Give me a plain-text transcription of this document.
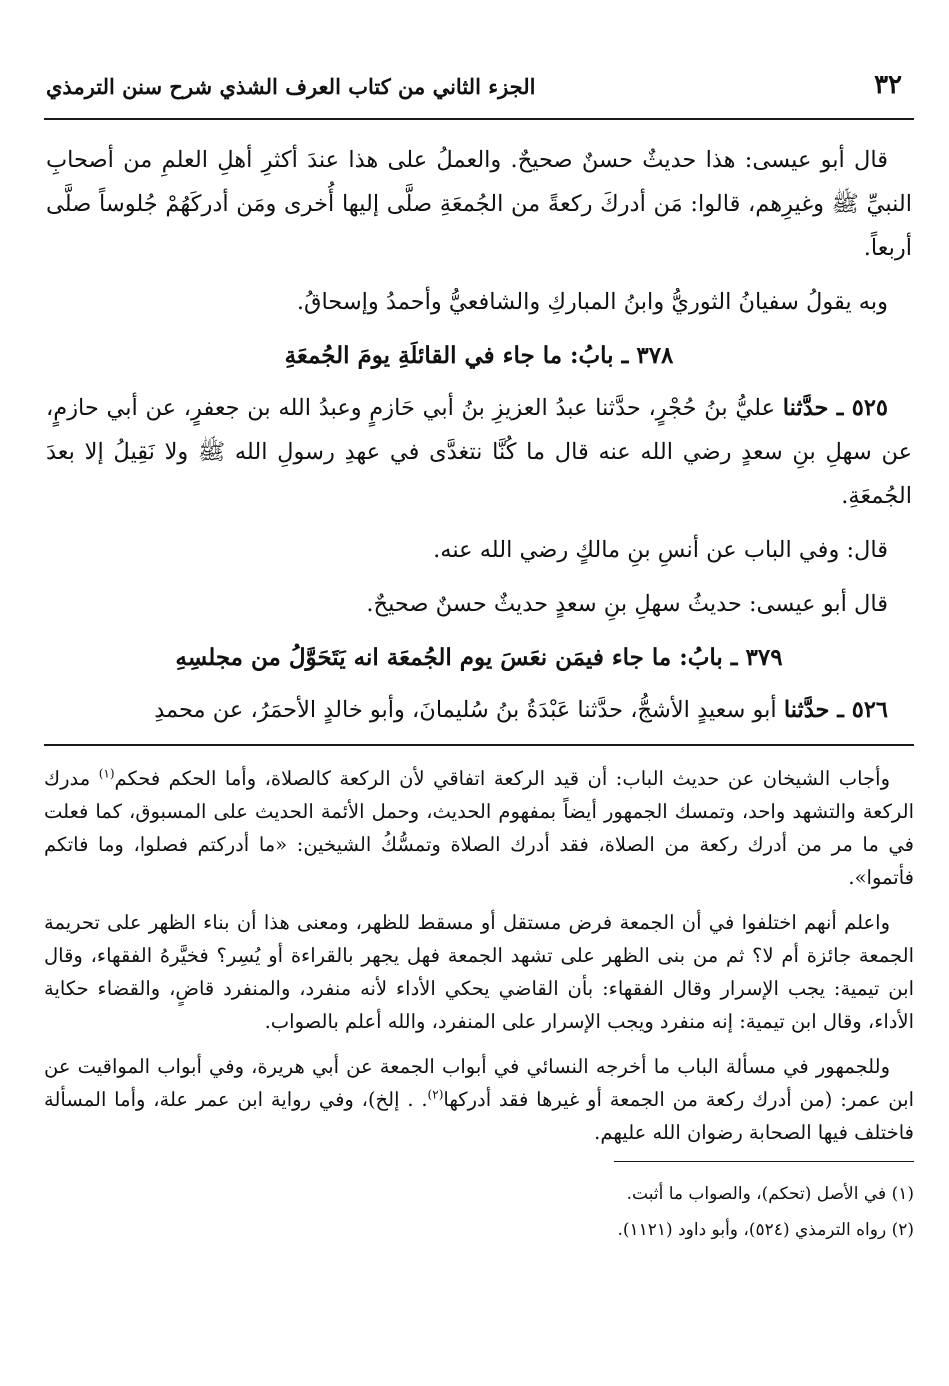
٣٢
الجزء الثاني من كتاب العرف الشذي شرح سنن الترمذي

قال أبو عيسى: هذا حديثٌ حسنٌ صحيحٌ. والعملُ على هذا عندَ أكثرِ أهلِ العلمِ من أصحابِ النبيِّ ﷺ وغيرِهم، قالوا: مَن أدركَ ركعةً من الجُمعَةِ صلَّى إليها أُخرى ومَن أدركَهُمْ جُلوساً صلَّى أربعاً.

وبه يقولُ سفيانُ الثوريُّ وابنُ المباركِ والشافعيُّ وأحمدُ وإسحاقُ.

٣٧٨ ـ بابُ: ما جاء في القائلَةِ يومَ الجُمعَةِ

٥٢٥ ـ حدَّثنا عليُّ بنُ حُجْرٍ، حدَّثنا عبدُ العزيزِ بنُ أبي حَازمٍ وعبدُ الله بن جعفرٍ، عن أبي حازمٍ، عن سهلِ بنِ سعدٍ رضي الله عنه قال ما كُنَّا نتغدَّى في عهدِ رسولِ الله ﷺ ولا نَقِيلُ إلا بعدَ الجُمعَةِ.

قال: وفي الباب عن أنسِ بنِ مالكٍ رضي الله عنه.

قال أبو عيسى: حديثُ سهلِ بنِ سعدٍ حديثٌ حسنٌ صحيحٌ.

٣٧٩ ـ بابُ: ما جاء فيمَن نعَسَ يوم الجُمعَة انه يَتَحَوَّلُ من مجلسِهِ

٥٢٦ ـ حدَّثنا أبو سعيدٍ الأشجُّ، حدَّثنا عَبْدَةُ بنُ سُليمانَ، وأبو خالدٍ الأحمَرُ، عن محمدِ

وأجاب الشيخان عن حديث الباب: أن قيد الركعة اتفاقي لأن الركعة كالصلاة، وأما الحكم فحكم$^{(١)}$ مدرك الركعة والتشهد واحد، وتمسك الجمهور أيضاً بمفهوم الحديث، وحمل الأئمة الحديث على المسبوق، كما فعلت في ما مر من أدرك ركعة من الصلاة، فقد أدرك الصلاة وتمسُّكُ الشيخين: «ما أدركتم فصلوا، وما فاتكم فأتموا».

واعلم أنهم اختلفوا في أن الجمعة فرض مستقل أو مسقط للظهر، ومعنى هذا أن بناء الظهر على تحريمة الجمعة جائزة أم لا؟ ثم من بنى الظهر على تشهد الجمعة فهل يجهر بالقراءة أو يُسِر؟ فخيَّرهُ الفقهاء، وقال ابن تيمية: يجب الإسرار وقال الفقهاء: بأن القاضي يحكي الأداء لأنه منفرد، والمنفرد قاضٍ، والقضاء حكاية الأداء، وقال ابن تيمية: إنه منفرد ويجب الإسرار على المنفرد، والله أعلم بالصواب.

وللجمهور في مسألة الباب ما أخرجه النسائي في أبواب الجمعة عن أبي هريرة، وفي أبواب المواقيت عن ابن عمر: (من أدرك ركعة من الجمعة أو غيرها فقد أدركها$^{(٢)}$. . إلخ)، وفي رواية ابن عمر علة، وأما المسألة فاختلف فيها الصحابة رضوان الله عليهم.

(١) في الأصل (تحكم)، والصواب ما أثبت.

(٢) رواه الترمذي (٥٢٤)، وأبو داود (١١٢١).
